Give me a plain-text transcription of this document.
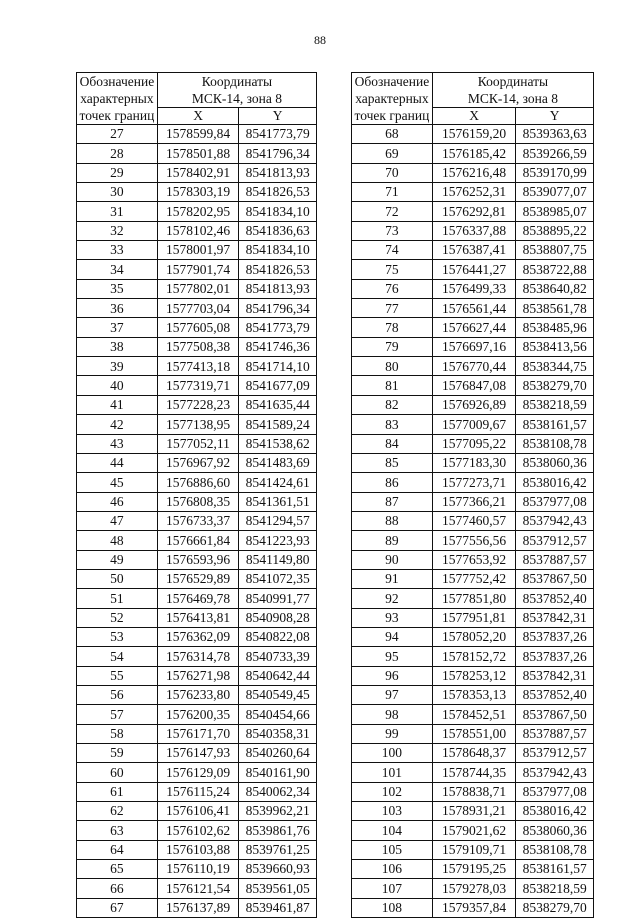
88
Обозначение
характерных
точек границ	Координаты
МСК-14, зона 8	

	X	Y
27	1578599,84	8541773,79
28	1578501,88	8541796,34
29	1578402,91	8541813,93
30	1578303,19	8541826,53
31	1578202,95	8541834,10
32	1578102,46	8541836,63
33	1578001,97	8541834,10
34	1577901,74	8541826,53
35	1577802,01	8541813,93
36	1577703,04	8541796,34
37	1577605,08	8541773,79
38	1577508,38	8541746,36
39	1577413,18	8541714,10
40	1577319,71	8541677,09
41	1577228,23	8541635,44
42	1577138,95	8541589,24
43	1577052,11	8541538,62
44	1576967,92	8541483,69
45	1576886,60	8541424,61
46	1576808,35	8541361,51
47	1576733,37	8541294,57
48	1576661,84	8541223,93
49	1576593,96	8541149,80
50	1576529,89	8541072,35
51	1576469,78	8540991,77
52	1576413,81	8540908,28
53	1576362,09	8540822,08
54	1576314,78	8540733,39
55	1576271,98	8540642,44
56	1576233,80	8540549,45
57	1576200,35	8540454,66
58	1576171,70	8540358,31
59	1576147,93	8540260,64
60	1576129,09	8540161,90
61	1576115,24	8540062,34
62	1576106,41	8539962,21
63	1576102,62	8539861,76
64	1576103,88	8539761,25
65	1576110,19	8539660,93
66	1576121,54	8539561,05
67	1576137,89	8539461,87
Обозначение
характерных
точек границ	Координаты
МСК-14, зона 8	

	X	Y
68	1576159,20	8539363,63
69	1576185,42	8539266,59
70	1576216,48	8539170,99
71	1576252,31	8539077,07
72	1576292,81	8538985,07
73	1576337,88	8538895,22
74	1576387,41	8538807,75
75	1576441,27	8538722,88
76	1576499,33	8538640,82
77	1576561,44	8538561,78
78	1576627,44	8538485,96
79	1576697,16	8538413,56
80	1576770,44	8538344,75
81	1576847,08	8538279,70
82	1576926,89	8538218,59
83	1577009,67	8538161,57
84	1577095,22	8538108,78
85	1577183,30	8538060,36
86	1577273,71	8538016,42
87	1577366,21	8537977,08
88	1577460,57	8537942,43
89	1577556,56	8537912,57
90	1577653,92	8537887,57
91	1577752,42	8537867,50
92	1577851,80	8537852,40
93	1577951,81	8537842,31
94	1578052,20	8537837,26
95	1578152,72	8537837,26
96	1578253,12	8537842,31
97	1578353,13	8537852,40
98	1578452,51	8537867,50
99	1578551,00	8537887,57
100	1578648,37	8537912,57
101	1578744,35	8537942,43
102	1578838,71	8537977,08
103	1578931,21	8538016,42
104	1579021,62	8538060,36
105	1579109,71	8538108,78
106	1579195,25	8538161,57
107	1579278,03	8538218,59
108	1579357,84	8538279,70
